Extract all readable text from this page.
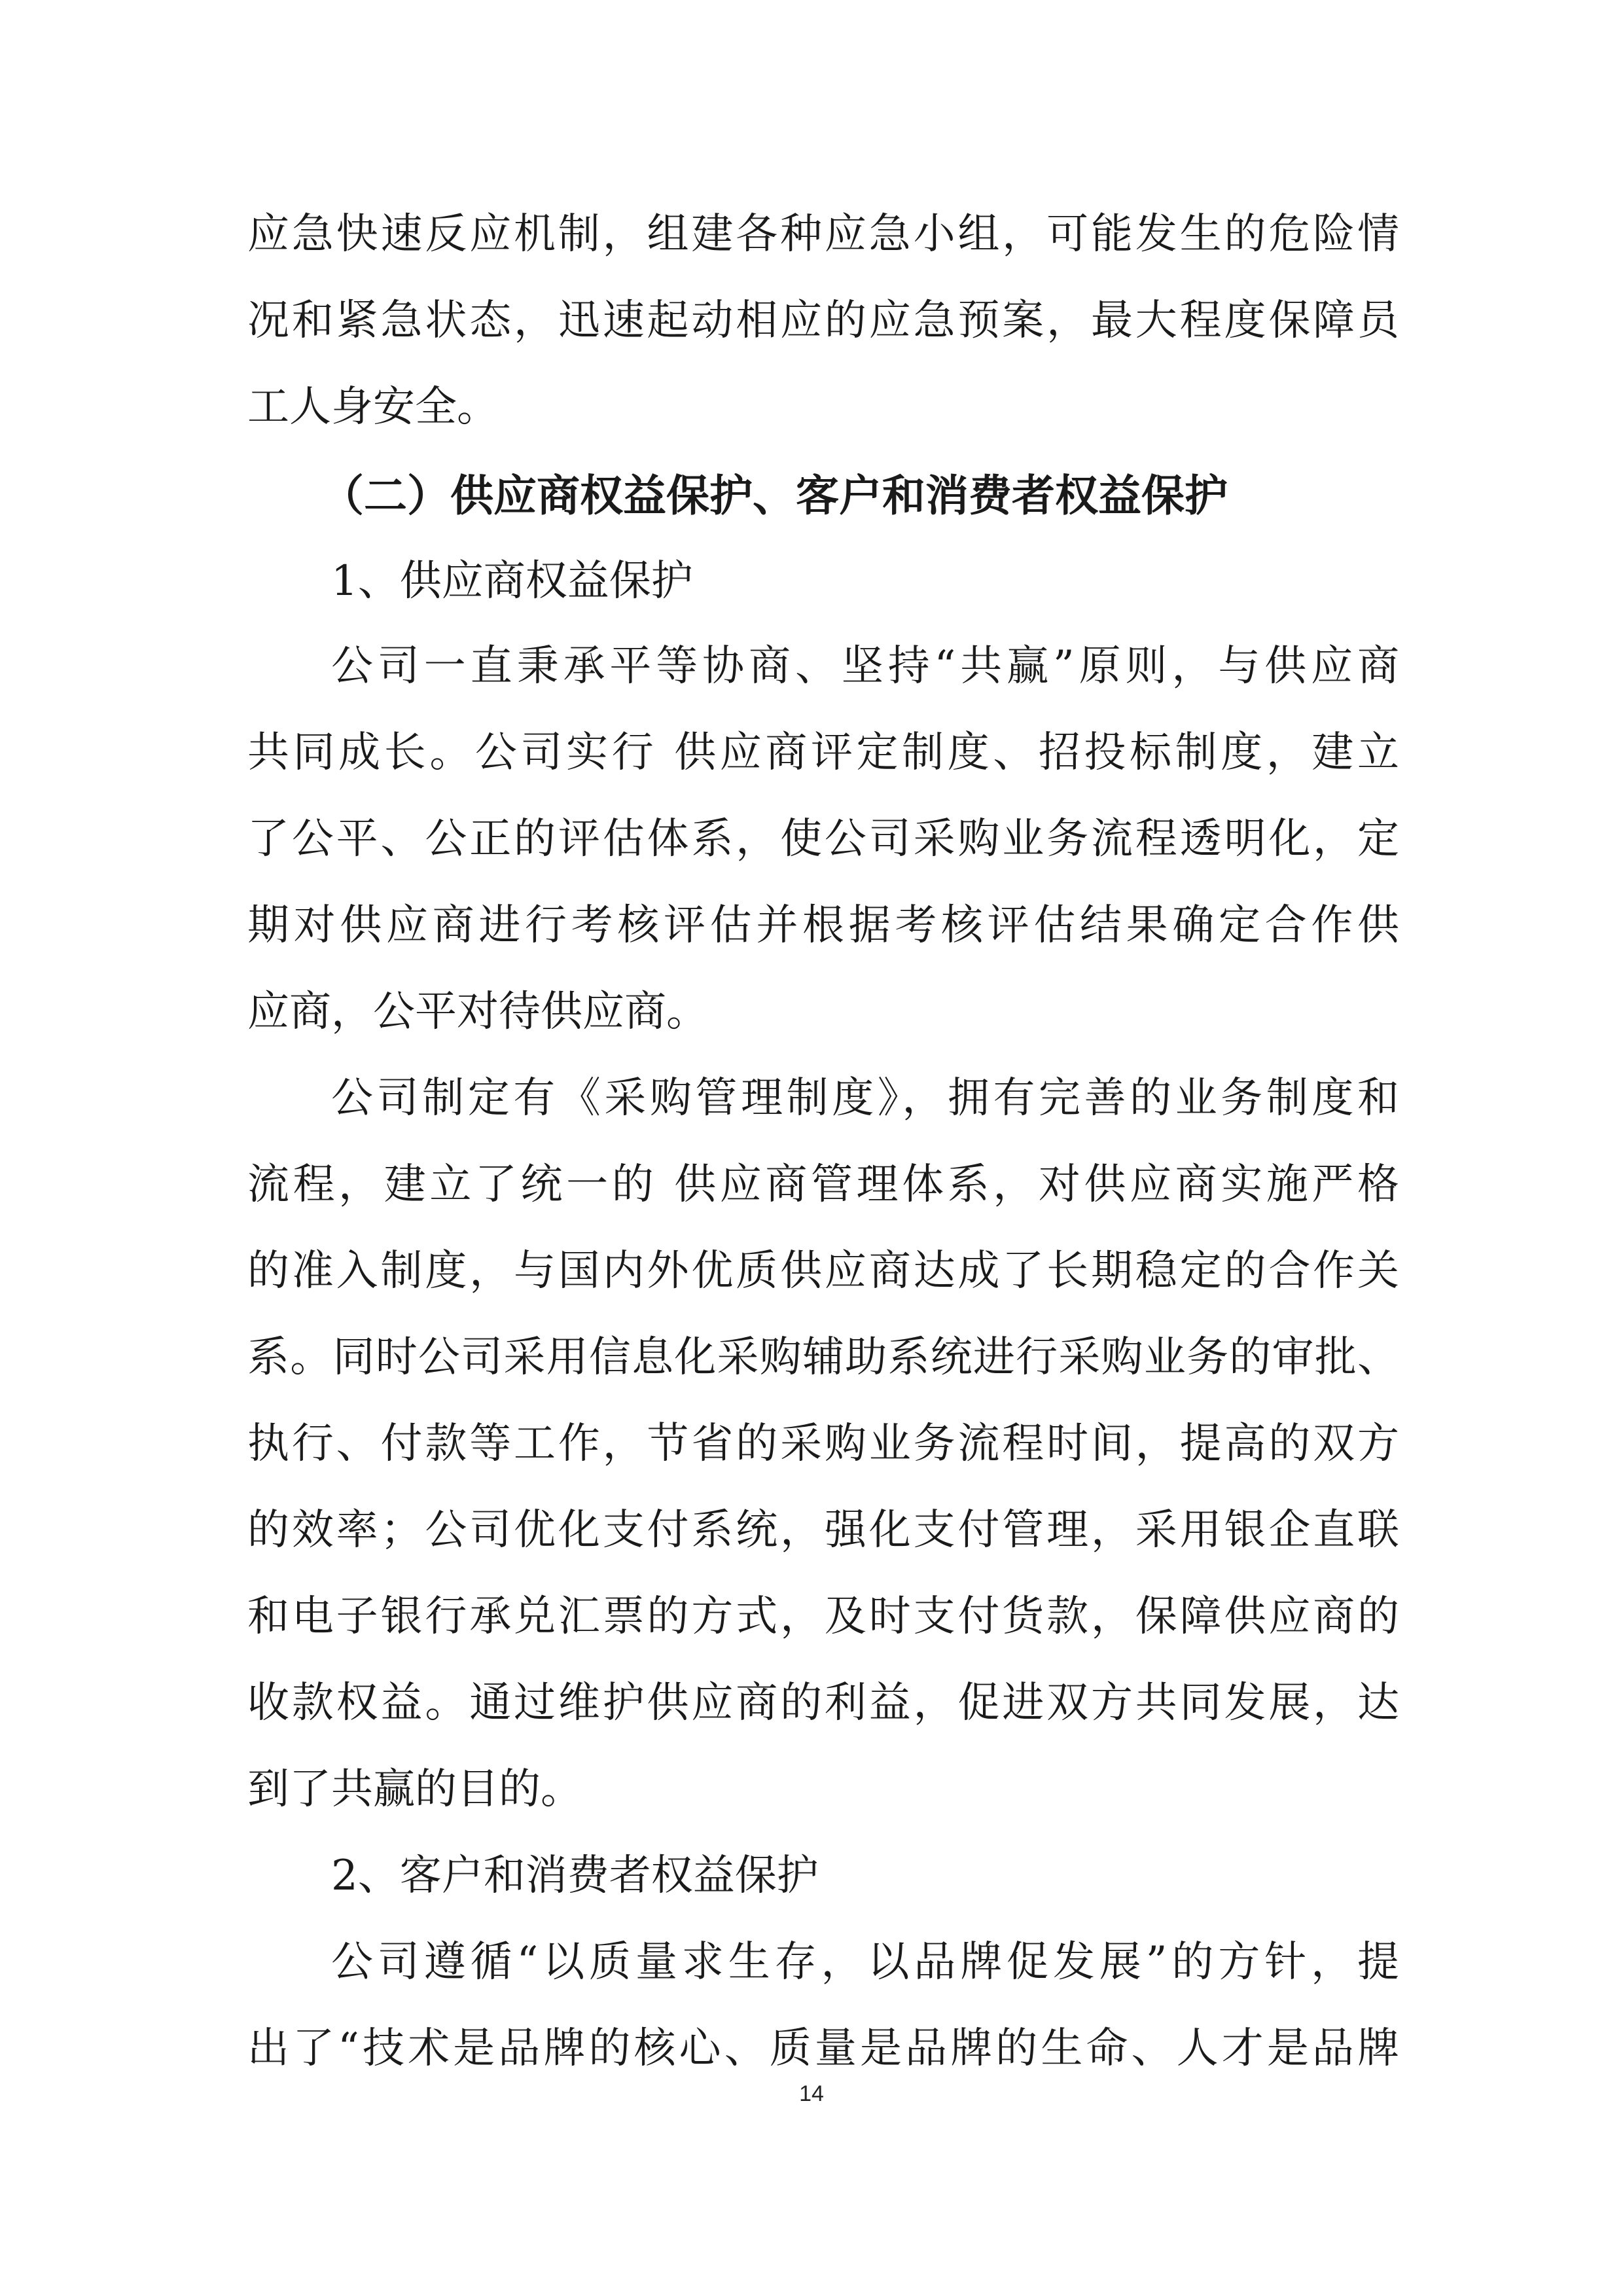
应急快速反应机制，组建各种应急小组，可能发生的危险情
况和紧急状态，迅速起动相应的应急预案，最大程度保障员
工人身安全。
（二）供应商权益保护、客户和消费者权益保护
1、供应商权益保护
公司一直秉承平等协商、坚持“共赢”原则，与供应商
共同成长。公司实行 供应商评定制度、招投标制度，建立
了公平、公正的评估体系，使公司采购业务流程透明化，定
期对供应商进行考核评估并根据考核评估结果确定合作供
应商，公平对待供应商。
公司制定有《采购管理制度》，拥有完善的业务制度和
流程，建立了统一的 供应商管理体系，对供应商实施严格
的准入制度，与国内外优质供应商达成了长期稳定的合作关
系。同时公司采用信息化采购辅助系统进行采购业务的审批、
执行、付款等工作，节省的采购业务流程时间，提高的双方
的效率；公司优化支付系统，强化支付管理，采用银企直联
和电子银行承兑汇票的方式，及时支付货款，保障供应商的
收款权益。通过维护供应商的利益，促进双方共同发展，达
到了共赢的目的。
2、客户和消费者权益保护
公司遵循“以质量求生存，以品牌促发展”的方针，提
出了“技术是品牌的核心、质量是品牌的生命、人才是品牌
14
